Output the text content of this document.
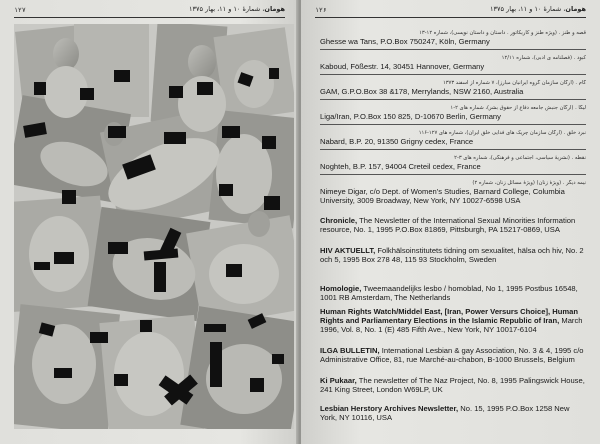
۱۲۷	هومان، شمارهٔ ۱۰ و ۱۱، بهار ۱۳۷۵	۱۲۶	هومان، شمارهٔ ۱۰ و ۱۱، بهار ۱۳۷۵
قصه و طنز . (ویژه طنز و کاریکاتور . داستان و داستان نویسی)، شماره ۱۲-۱۳
Ghesse wa Tans, P.O.Box 750247, Köln, Germany
کبود . (فصلنامه ی ادبی)، شماره ۱۲/۱۱
Kaboud, Fößestr. 14, 30451 Hannover, Germany
گام . (ارگان سازمان گروه ایرانیان مبارز)، ۷ شماره از اسفند ۱۳۷۳
GAM, G.P.O.Box 38 &178, Merrylands, NSW 2160, Australia
لیگا . (ارگان جنبش جامعه دفاع از حقوق بشر)، شماره های ۲-۱
Liga/Iran, P.O.Box 150 825, D-10670 Berlin, Germany
نبرد خلق . (ارگان سازمان چریک های فدایی خلق ایران)، شماره های ۱۲۷-۱۱۶
Nabard, B.P. 20, 91350 Grigny cedex, France
نقطه . (نشریهٔ سیاسی، اجتماعی و فرهنگی)، شماره های ۳-۲
Noghteh, B.P. 157, 94004 Creteil cedex, France
نیمه دیگر . (ویژهٔ زنان) (ویژهٔ مسائل زنان، شماره ۲)
Nimeye Digar, c/o Dept. of Women's Studies, Barnard College, Columbia University, 3009 Broadway, New York, NY 10027-6598 USA
Chronicle, The Newsletter of the International Sexual Minorities Information resource, No. 1, 1995 P.O.Box 81869, Pittsburgh, PA 15217-0869, USA
HIV AKTUELLT, Folkhälsoinstitutets tidning om sexualitet, hälsa och hiv, No. 2 och 5, 1995 Box 278 48, 115 93 Stockholm, Sweden
Homologie, Tweemaandelijks lesbo / homoblad, No 1, 1995 Postbus 16548, 1001 RB Amsterdam, The Netherlands
Human Rights Watch/Middel East, [Iran, Power Versurs Choice], Human Rights and Parliamentary Elections in the Islamic Republic of Iran, March 1996, Vol. 8, No. 1 (E) 485 Fifth Ave., New York, NY 10017-6104
ILGA BULLETIN, International Lesbian & gay Association, No. 3 & 4, 1995 c/o Administrative Office, 81, rue Marché-au-chabon, B-1000 Brussels, Belgium
Ki Pukaar, The newsletter of The Naz Project, No. 8, 1995 Palingswick House, 241 King Street, London W69LP, UK
Lesbian Herstory Archives Newsletter, No. 15, 1995 P.O.Box 1258 New York, NY 10116, USA
